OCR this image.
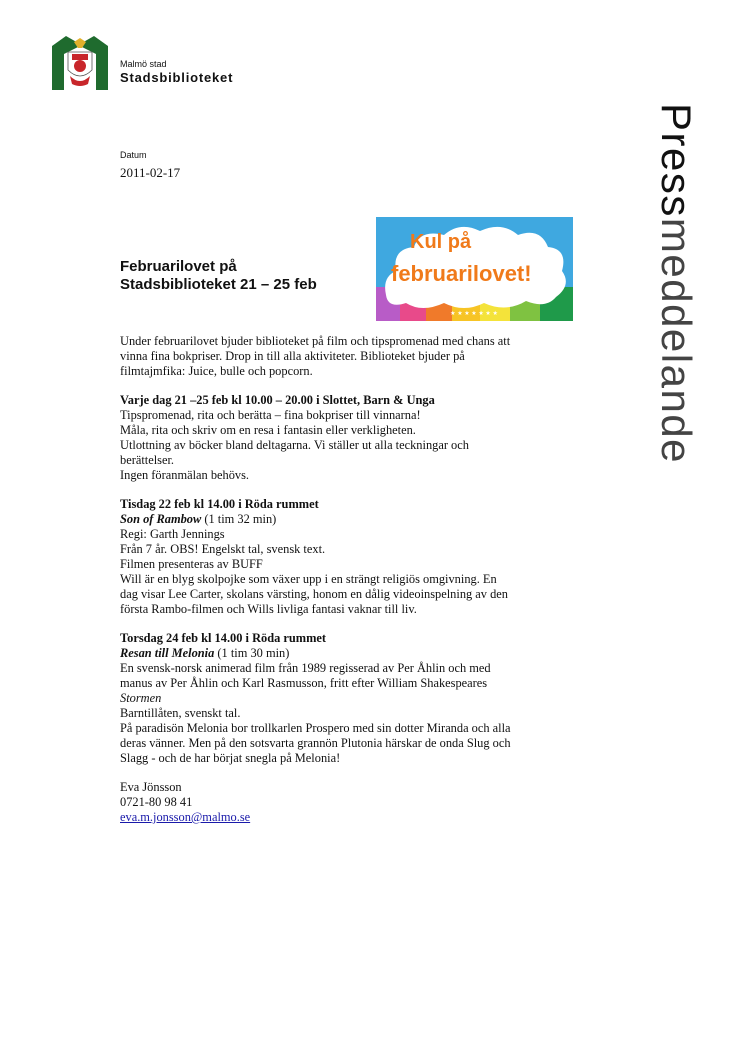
Malmö stad
Stadsbiblioteket
Pressmeddelande
Datum
2011-02-17
★ ★ ★ ★ ★ ★ ★
Kul på
februarilovet!
Februarilovet på
Stadsbiblioteket 21 – 25 feb

Under februarilovet bjuder biblioteket på film och tipspromenad med chans att
vinna fina bokpriser. Drop in till alla aktiviteter. Biblioteket bjuder på
filmtajmfika: Juice, bulle och popcorn.

Varje dag 21 –25 feb kl 10.00 – 20.00 i Slottet, Barn & Unga
Tipspromenad, rita och berätta – fina bokpriser till vinnarna!
Måla, rita och skriv om en resa i fantasin eller verkligheten.
Utlottning av böcker bland deltagarna. Vi ställer ut alla teckningar och
berättelser.
Ingen föranmälan behövs.

Tisdag 22 feb kl 14.00 i Röda rummet
Son of Rambow (1 tim 32 min)
Regi: Garth Jennings
Från 7 år. OBS! Engelskt tal, svensk text.
Filmen presenteras av BUFF
Will är en blyg skolpojke som växer upp i en strängt religiös omgivning. En
dag visar Lee Carter, skolans värsting, honom en dålig videoinspelning av den
första Rambo-filmen och Wills livliga fantasi vaknar till liv.

Torsdag 24 feb kl 14.00 i Röda rummet
Resan till Melonia (1 tim 30 min)
En svensk-norsk animerad film från 1989 regisserad av Per Åhlin och med
manus av Per Åhlin och Karl Rasmusson, fritt efter William Shakespeares
Stormen
Barntillåten, svenskt tal.
På paradisön Melonia bor trollkarlen Prospero med sin dotter Miranda och alla
deras vänner. Men på den sotsvarta grannön Plutonia härskar de onda Slug och
Slagg - och de har börjat snegla på Melonia!

Eva Jönsson
0721-80 98 41
eva.m.jonsson@malmo.se
